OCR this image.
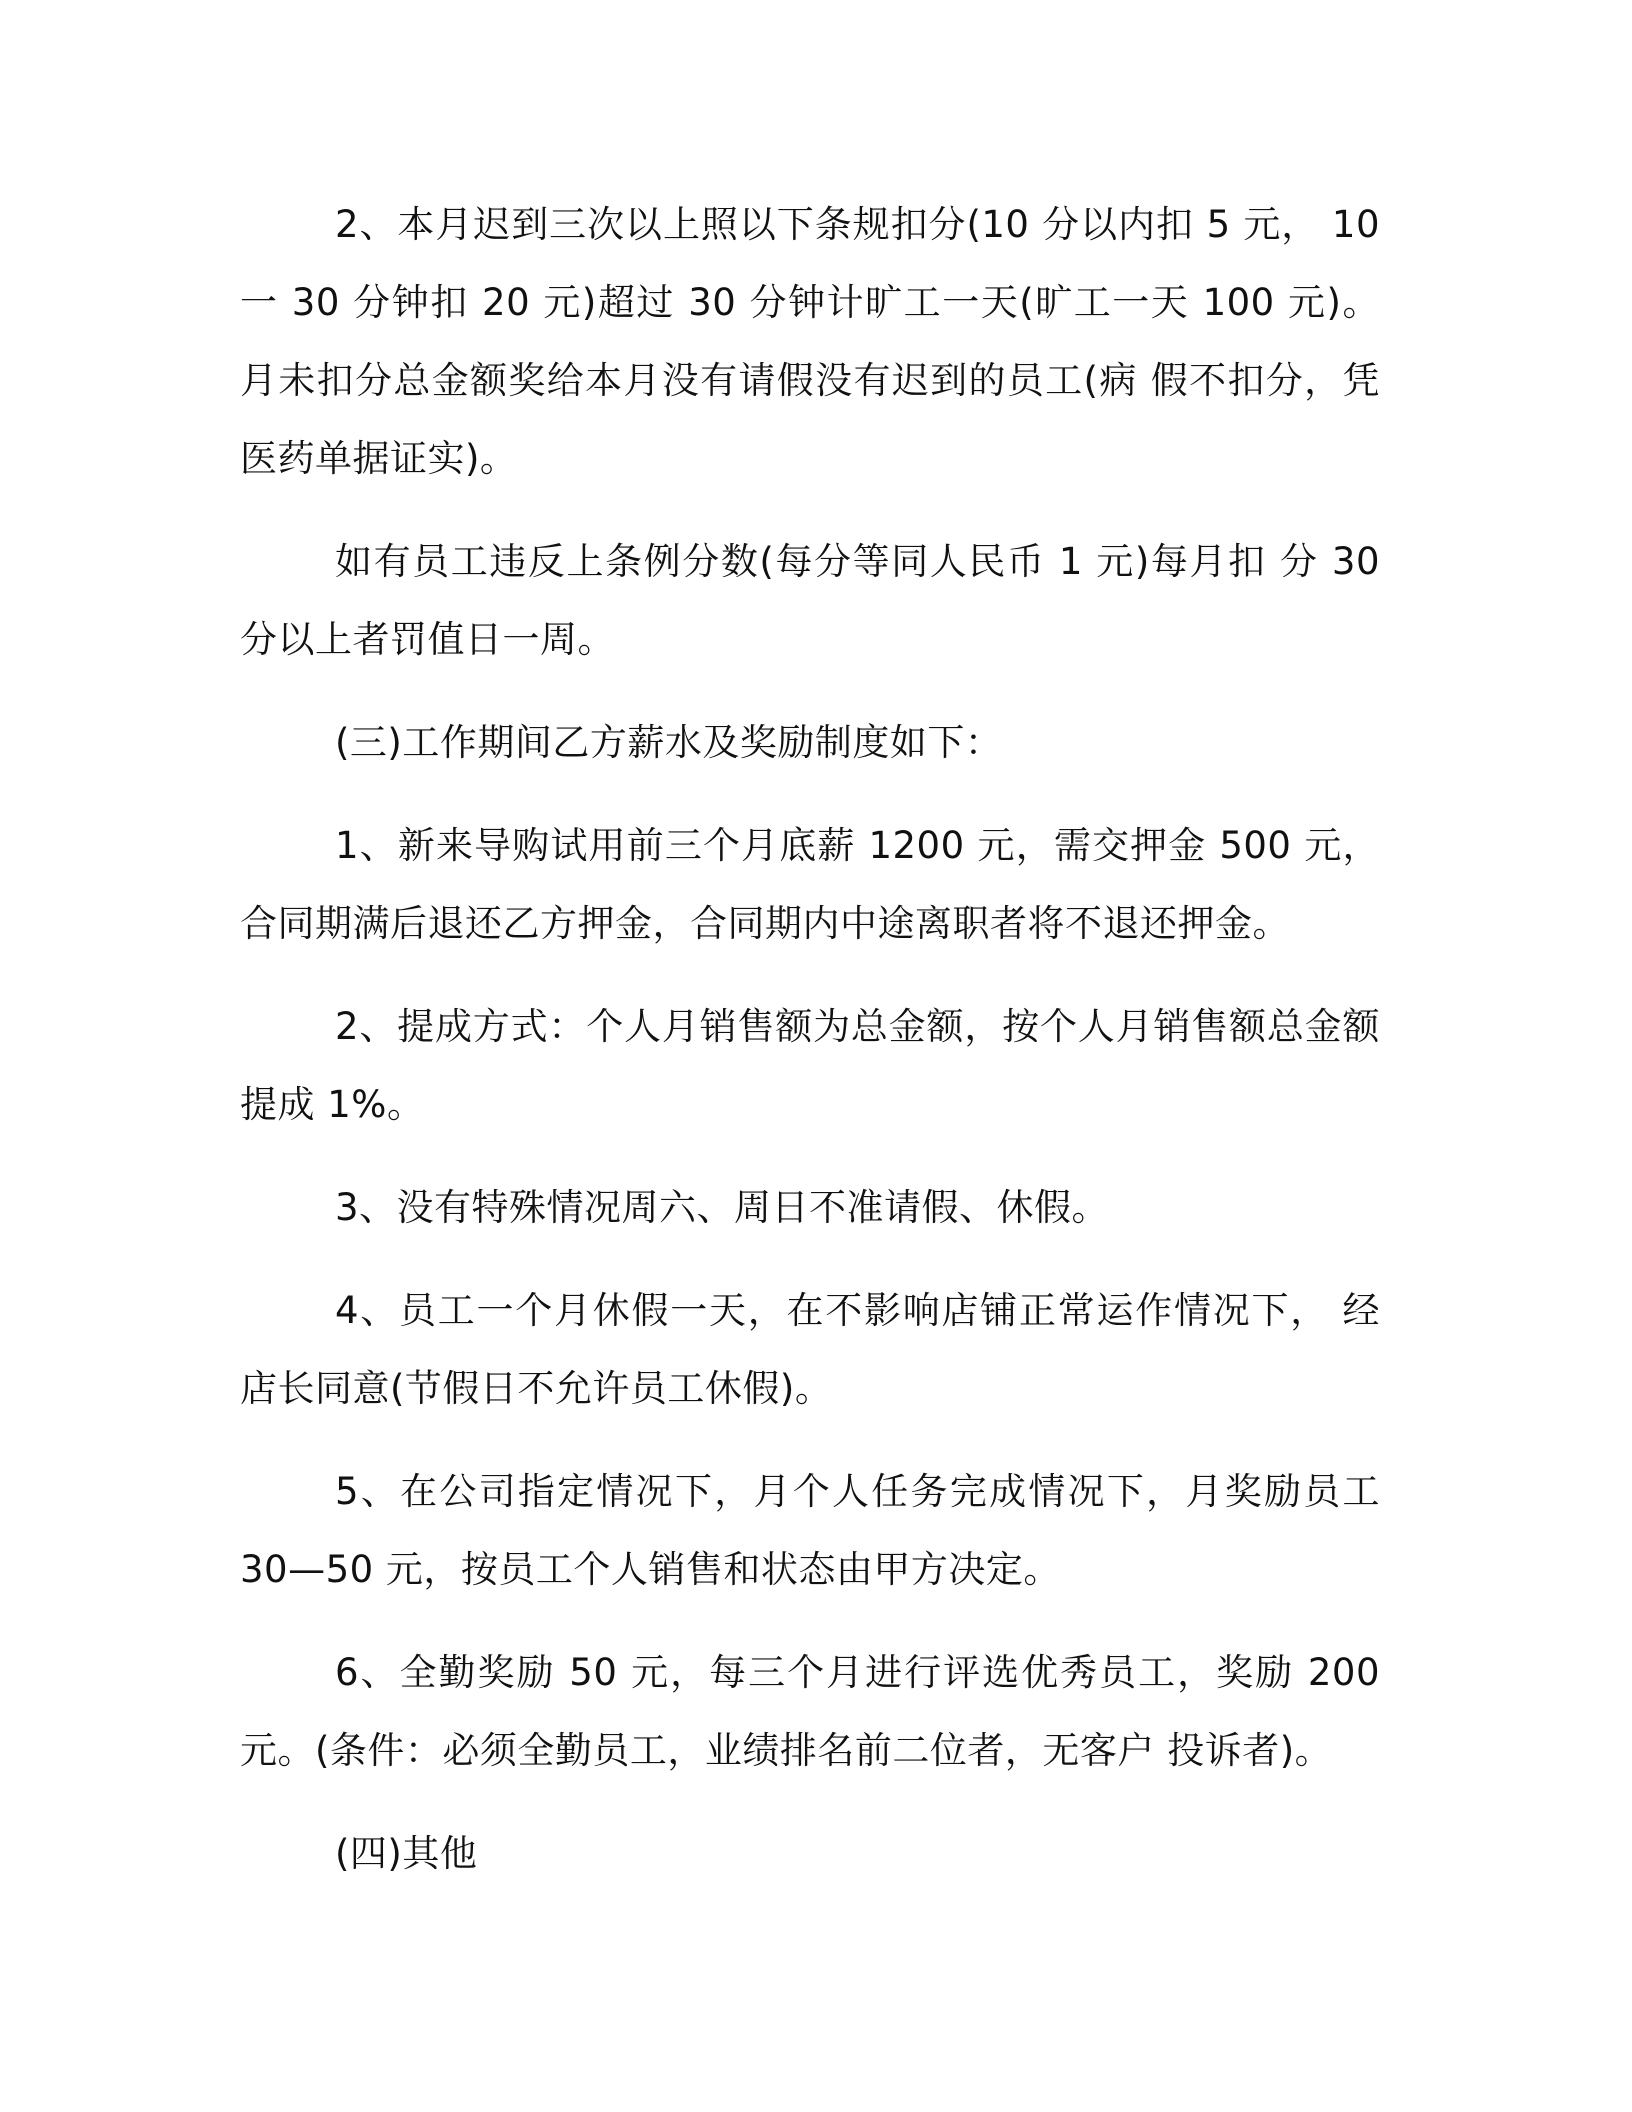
2、本月迟到三次以上照以下条规扣分(10 分以内扣 5 元， 10 一 30 分钟扣 20 元)超过 30 分钟计旷工一天(旷工一天 100 元)。月未扣分总金额奖给本月没有请假没有迟到的员工(病 假不扣分，凭医药单据证实)。

如有员工违反上条例分数(每分等同人民币 1 元)每月扣 分 30 分以上者罚值日一周。

(三)工作期间乙方薪水及奖励制度如下：

1、新来导购试用前三个月底薪 1200 元，需交押金 500 元， 合同期满后退还乙方押金，合同期内中途离职者将不退还押金。

2、提成方式：个人月销售额为总金额，按个人月销售额总金额提成 1%。

3、没有特殊情况周六、周日不准请假、休假。

4、员工一个月休假一天，在不影响店铺正常运作情况下， 经店长同意(节假日不允许员工休假)。

5、在公司指定情况下，月个人任务完成情况下，月奖励员工 30—50 元，按员工个人销售和状态由甲方决定。

6、全勤奖励 50 元，每三个月进行评选优秀员工，奖励 200 元。(条件：必须全勤员工，业绩排名前二位者，无客户 投诉者)。

(四)其他
